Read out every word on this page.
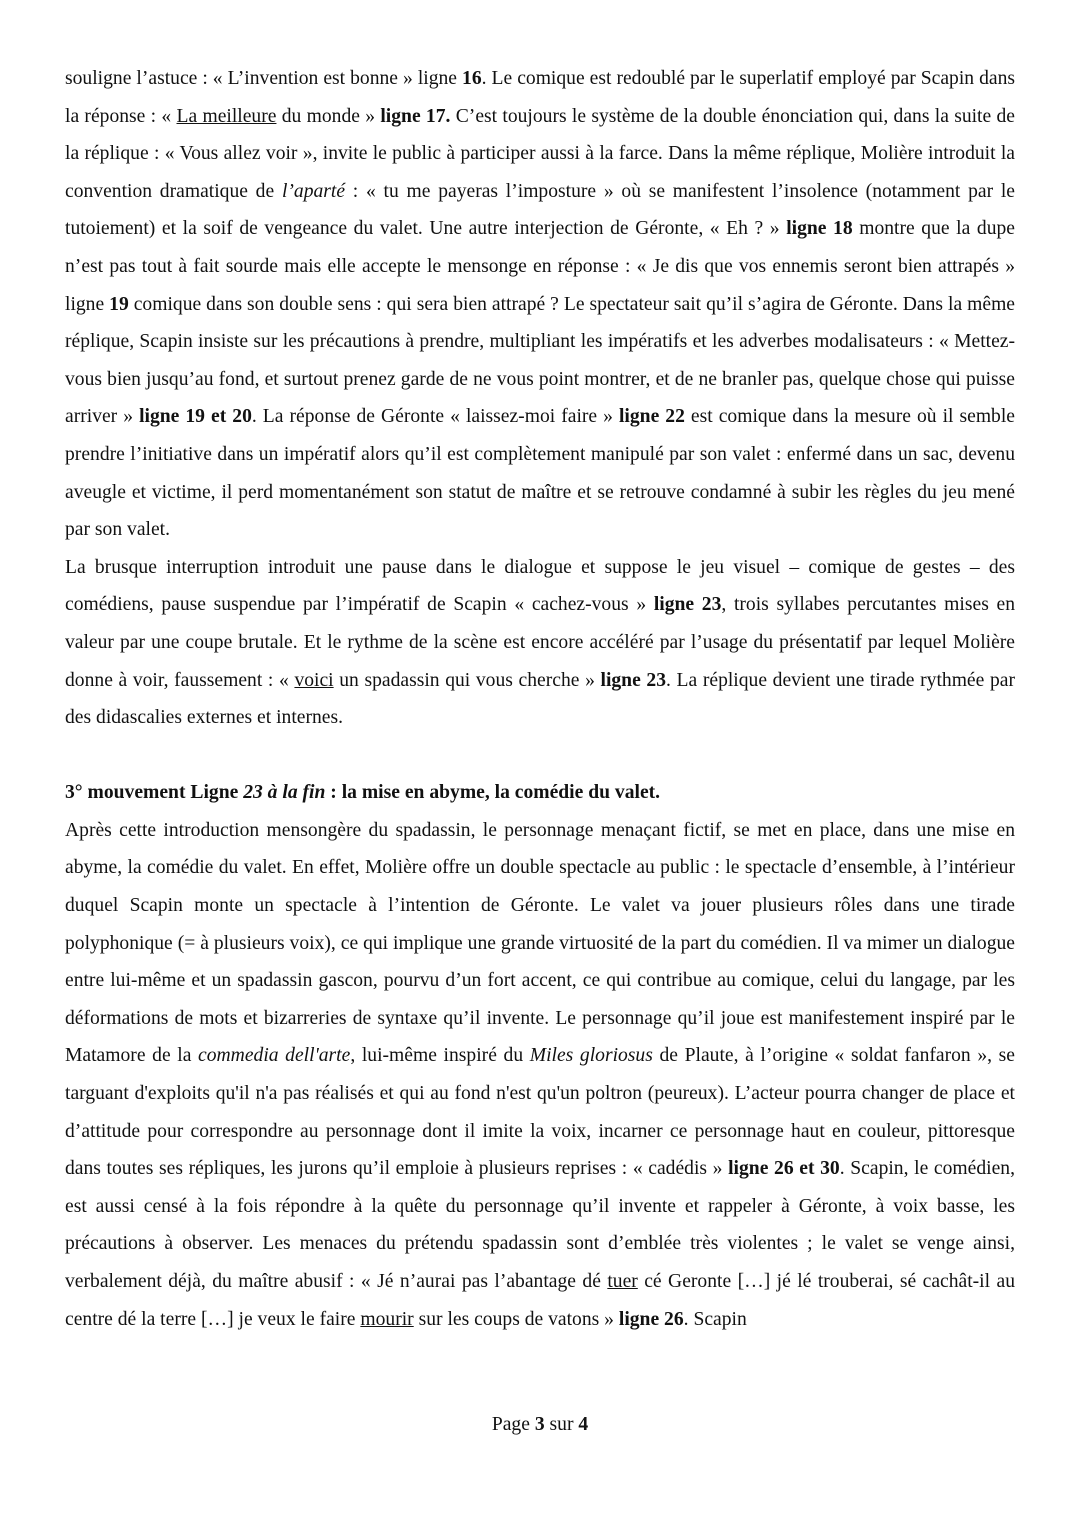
souligne l’astuce : « L’invention est bonne » ligne 16. Le comique est redoublé par le superlatif employé par Scapin dans la réponse : « La meilleure du monde » ligne 17. C’est toujours le système de la double énonciation qui, dans la suite de la réplique : « Vous allez voir », invite le public à participer aussi à la farce. Dans la même réplique, Molière introduit la convention dramatique de l’aparté : « tu me payeras l’imposture » où se manifestent l’insolence (notamment par le tutoiement) et la soif de vengeance du valet. Une autre interjection de Géronte, « Eh ? » ligne 18 montre que la dupe n’est pas tout à fait sourde mais elle accepte le mensonge en réponse : « Je dis que vos ennemis seront bien attrapés » ligne 19 comique dans son double sens : qui sera bien attrapé ? Le spectateur sait qu’il s’agira de Géronte. Dans la même réplique, Scapin insiste sur les précautions à prendre, multipliant les impératifs et les adverbes modalisateurs : « Mettez-vous bien jusqu’au fond, et surtout prenez garde de ne vous point montrer, et de ne branler pas, quelque chose qui puisse arriver » ligne 19 et 20. La réponse de Géronte « laissez-moi faire » ligne 22 est comique dans la mesure où il semble prendre l’initiative dans un impératif alors qu’il est complètement manipulé par son valet : enfermé dans un sac, devenu aveugle et victime, il perd momentanément son statut de maître et se retrouve condamné à subir les règles du jeu mené par son valet.

La brusque interruption introduit une pause dans le dialogue et suppose le jeu visuel – comique de gestes – des comédiens, pause suspendue par l’impératif de Scapin « cachez-vous » ligne 23, trois syllabes percutantes mises en valeur par une coupe brutale. Et le rythme de la scène est encore accéléré par l’usage du présentatif par lequel Molière donne à voir, faussement : « voici un spadassin qui vous cherche » ligne 23. La réplique devient une tirade rythmée par des didascalies externes et internes.

3° mouvement Ligne 23 à la fin : la mise en abyme, la comédie du valet.

Après cette introduction mensongère du spadassin, le personnage menaçant fictif, se met en place, dans une mise en abyme, la comédie du valet. En effet, Molière offre un double spectacle au public : le spectacle d’ensemble, à l’intérieur duquel Scapin monte un spectacle à l’intention de Géronte. Le valet va jouer plusieurs rôles dans une tirade polyphonique (= à plusieurs voix), ce qui implique une grande virtuosité de la part du comédien. Il va mimer un dialogue entre lui-même et un spadassin gascon, pourvu d’un fort accent, ce qui contribue au comique, celui du langage, par les déformations de mots et bizarreries de syntaxe qu’il invente. Le personnage qu’il joue est manifestement inspiré par le Matamore de la commedia dell'arte, lui-même inspiré du Miles gloriosus de Plaute, à l’origine « soldat fanfaron », se targuant d'exploits qu'il n'a pas réalisés et qui au fond n'est qu'un poltron (peureux). L’acteur pourra changer de place et d’attitude pour correspondre au personnage dont il imite la voix, incarner ce personnage haut en couleur, pittoresque dans toutes ses répliques, les jurons qu’il emploie à plusieurs reprises : « cadédis » ligne 26 et 30. Scapin, le comédien, est aussi censé à la fois répondre à la quête du personnage qu’il invente et rappeler à Géronte, à voix basse, les précautions à observer. Les menaces du prétendu spadassin sont d’emblée très violentes ; le valet se venge ainsi, verbalement déjà, du maître abusif : « Jé n’aurai pas l’abantage dé tuer cé Geronte […] jé lé trouberai, sé cachât-il au centre dé la terre […] je veux le faire mourir sur les coups de vatons » ligne 26. Scapin

Page 3 sur 4
